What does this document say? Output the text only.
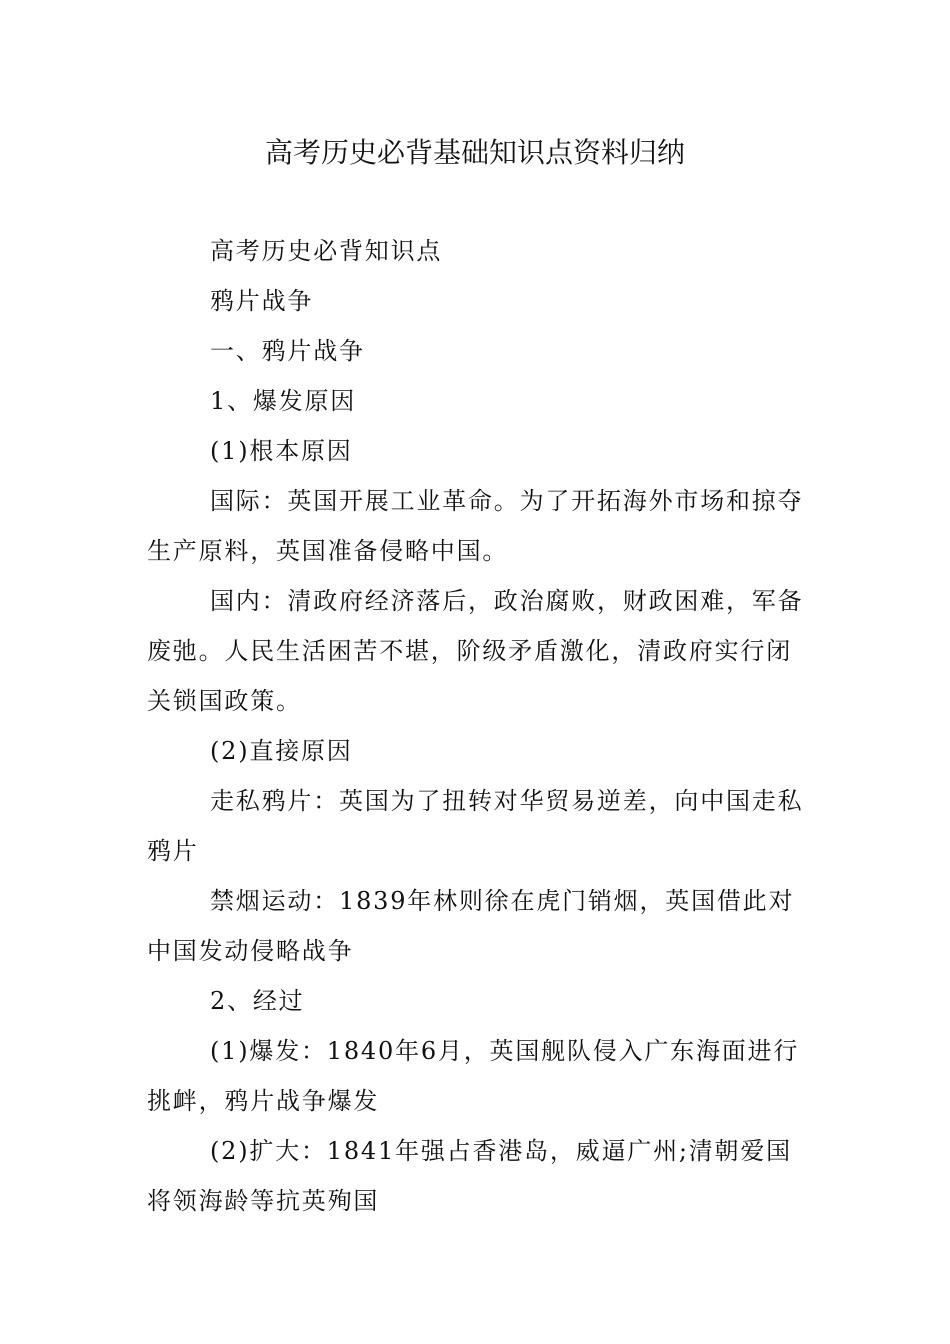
高考历史必背基础知识点资料归纳

高考历史必背知识点

鸦片战争

一、鸦片战争

1、爆发原因

(1)根本原因

国际：英国开展工业革命。为了开拓海外市场和掠夺生产原料，英国准备侵略中国。

国内：清政府经济落后，政治腐败，财政困难，军备废弛。人民生活困苦不堪，阶级矛盾激化，清政府实行闭关锁国政策。

(2)直接原因

走私鸦片：英国为了扭转对华贸易逆差，向中国走私鸦片

禁烟运动：1839年林则徐在虎门销烟，英国借此对中国发动侵略战争

2、经过

(1)爆发：1840年6月，英国舰队侵入广东海面进行挑衅，鸦片战争爆发

(2)扩大：1841年强占香港岛，威逼广州;清朝爱国将领海龄等抗英殉国
